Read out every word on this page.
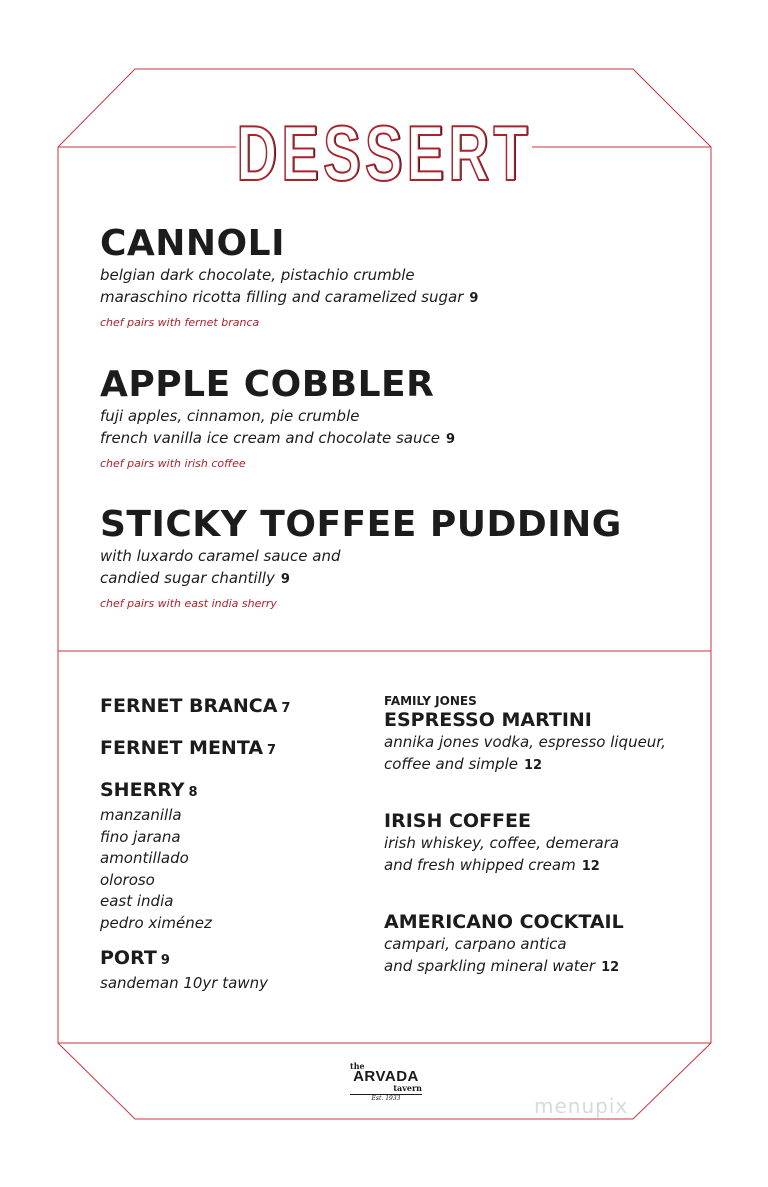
DESSERT
CANNOLI
belgian dark chocolate, pistachio crumble
maraschino ricotta filling and caramelized sugar 9
chef pairs with fernet branca
APPLE COBBLER
fuji apples, cinnamon, pie crumble
french vanilla ice cream and chocolate sauce 9
chef pairs with irish coffee
STICKY TOFFEE PUDDING
with luxardo caramel sauce and
candied sugar chantilly 9
chef pairs with east india sherry
FERNET BRANCA 7
FERNET MENTA 7
SHERRY 8
manzanilla
fino jarana
amontillado
oloroso
east india
pedro ximénez
PORT 9
sandeman 10yr tawny
FAMILY JONES
ESPRESSO MARTINI
annika jones vodka, espresso liqueur,
coffee and simple 12
IRISH COFFEE
irish whiskey, coffee, demerara
and fresh whipped cream 12
AMERICANO COCKTAIL
campari, carpano antica
and sparkling mineral water 12
the
ARVADA
tavern
Est. 1933	menupix
